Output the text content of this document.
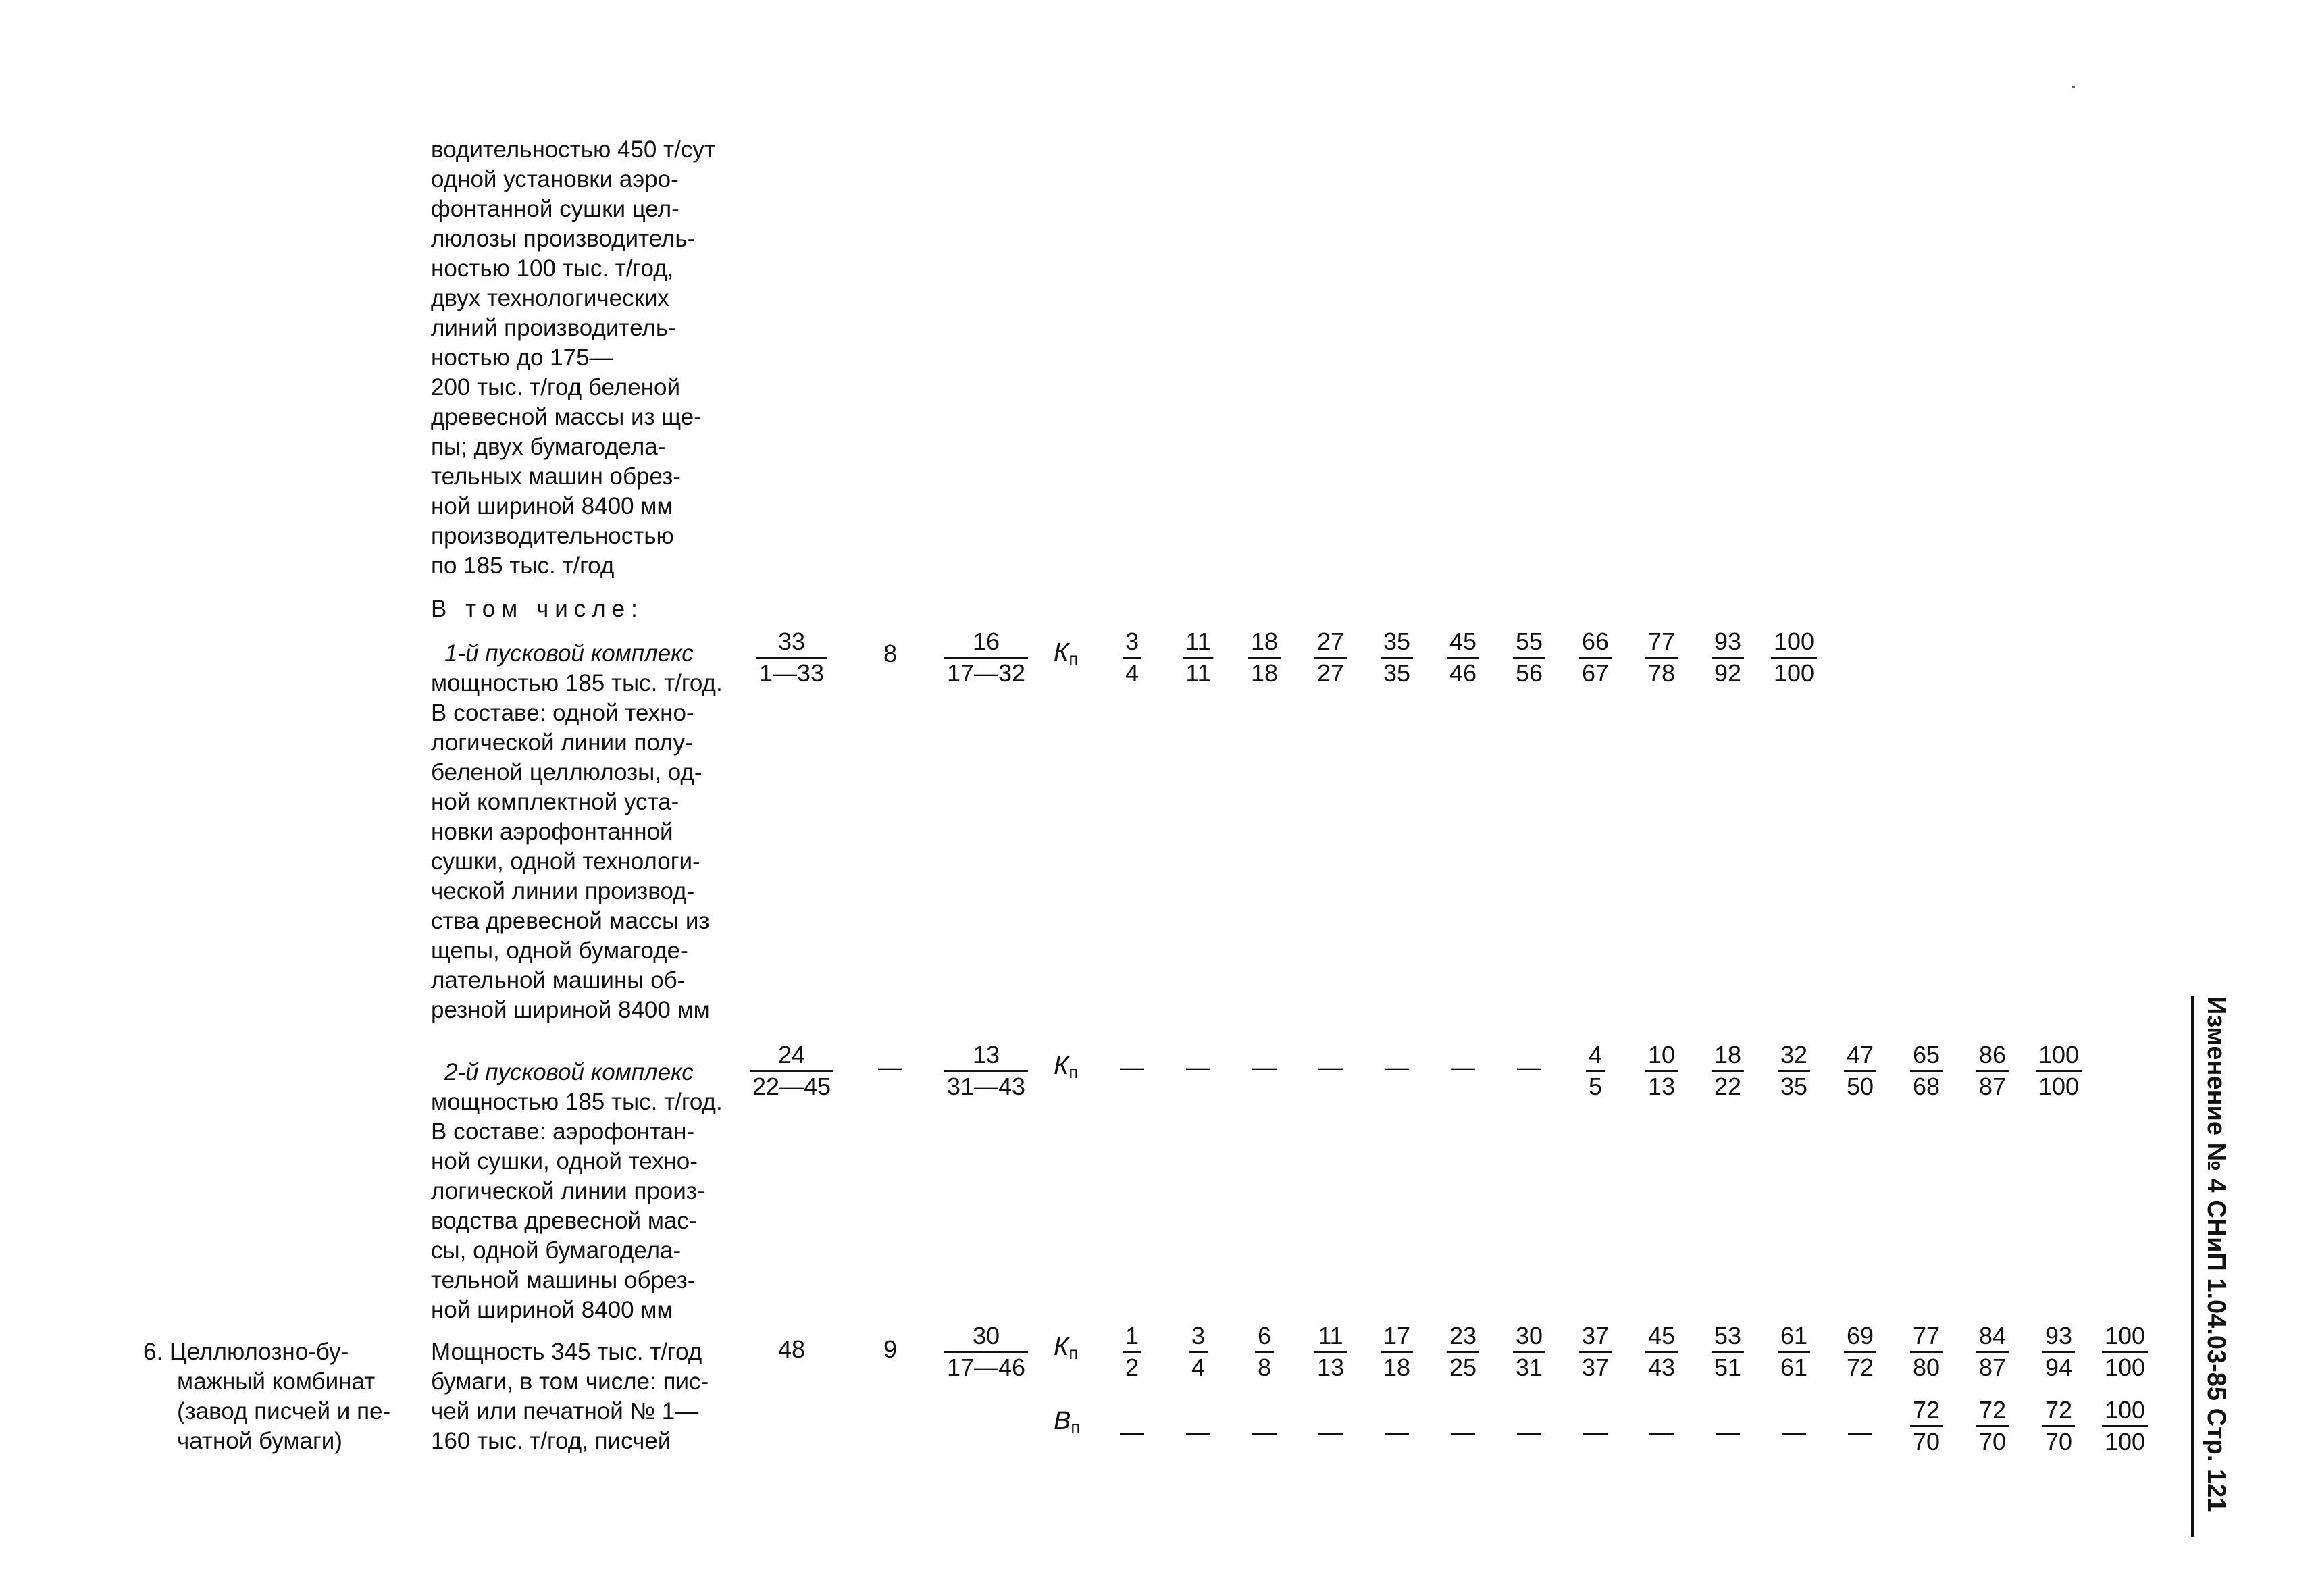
водительностью 450 т/сут
одной установки аэро-
фонтанной сушки цел-
люлозы производитель-
ностью 100 тыс. т/год,
двух технологических
линий производитель-
ностью до 175—
200 тыс. т/год беленой
древесной массы из ще-
пы; двух бумагодела-
тельных машин обрез-
ной шириной 8400 мм
производительностью
по 185 тыс. т/год
В том числе:
1-й пусковой комплекс
мощностью 185 тыс. т/год.
В составе: одной техно-
логической линии полу-
беленой целлюлозы, од-
ной комплектной уста-
новки аэрофонтанной
сушки, одной технологи-
ческой линии производ-
ства древесной массы из
щепы, одной бумагоде-
лательной машины об-
резной шириной 8400 мм
$\frac{33}{1—33} 8 \frac{16}{17—32} К_п \frac{3}{4} \frac{11}{11} \frac{18}{18} \frac{27}{27} \frac{35}{35} \frac{45}{46} \frac{55}{56} \frac{66}{67} \frac{77}{78} \frac{93}{92} \frac{100}{100}$
2-й пусковой комплекс
мощностью 185 тыс. т/год.
В составе: аэрофонтан-
ной сушки, одной техно-
логической линии произ-
водства древесной мас-
сы, одной бумагодела-
тельной машины обрез-
ной шириной 8400 мм
$\frac{24}{22—45}$ — $\frac{13}{31—43} К_п$ — — — — — — — $\frac{4}{5} \frac{10}{13} \frac{18}{22} \frac{32}{35} \frac{47}{50} \frac{65}{68} \frac{86}{87} \frac{100}{100}$
6. Целлюлозно-бу-
мажный комбинат
(завод писчей и пе-
чатной бумаги)
Мощность 345 тыс. т/год
бумаги, в том числе: пис-
чей или печатной № 1—
160 тыс. т/год, писчей
48	$9 \frac{30}{17—46} К_п \frac{1}{2} \frac{3}{4} \frac{6}{8} \frac{11}{13} \frac{17}{18} \frac{23}{25} \frac{30}{31} \frac{37}{37} \frac{45}{43} \frac{53}{51} \frac{61}{61} \frac{69}{72} \frac{77}{80} \frac{84}{87} \frac{93}{94} \frac{100}{100}$
$В_п$ — — — — — — — — — — — — $\frac{72}{70} \frac{72}{70} \frac{72}{70} \frac{100}{100}$	Изменение № 4 СНиП 1.04.03-85 Стр. 121
